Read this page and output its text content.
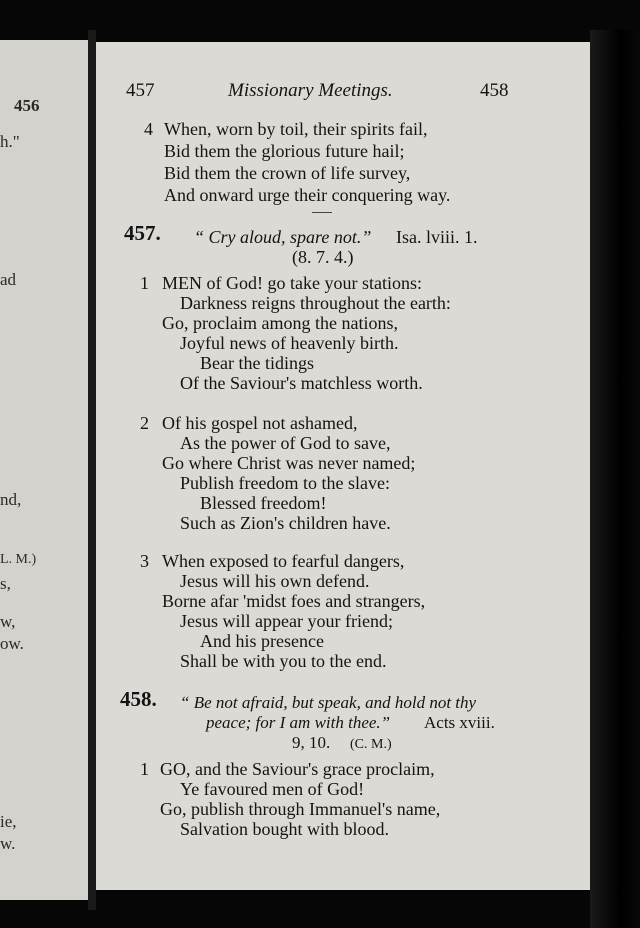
456
h."
ad
nd,
L. M.)
s,
w,
ow.
ie,
w.
457	Missionary Meetings.	458
4 When, worn by toil, their spirits fail,
Bid them the glorious future hail;
Bid them the crown of life survey,
And onward urge their conquering way.
457. “ Cry aloud, spare not.” Isa. lviii. 1.
(8. 7. 4.)
1 MEN of God! go take your stations:
Darkness reigns throughout the earth:
Go, proclaim among the nations,
Joyful news of heavenly birth.
Bear the tidings
Of the Saviour's matchless worth.
2 Of his gospel not ashamed,
As the power of God to save,
Go where Christ was never named;
Publish freedom to the slave:
Blessed freedom!
Such as Zion's children have.
3 When exposed to fearful dangers,
Jesus will his own defend.
Borne afar 'midst foes and strangers,
Jesus will appear your friend;
And his presence
Shall be with you to the end.
458. “ Be not afraid, but speak, and hold not thy
peace; for I am with thee.” Acts xviii.
9, 10. (C. M.)
1 GO, and the Saviour's grace proclaim,
Ye favoured men of God!
Go, publish through Immanuel's name,
Salvation bought with blood.
